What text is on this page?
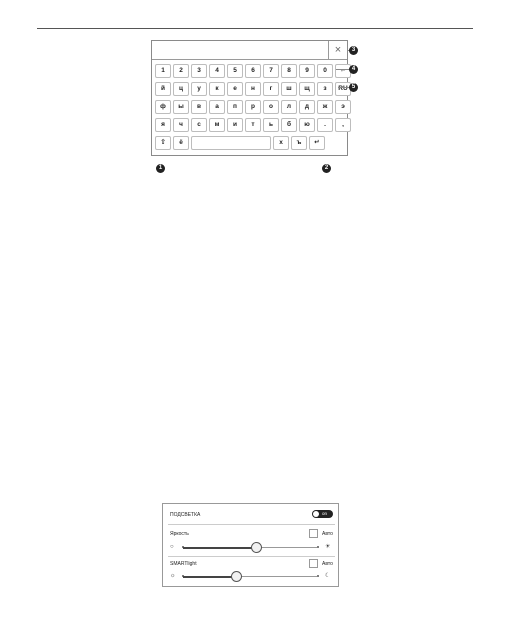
×
1	2	3	4	5	6	7	8	9	0	←
й	ц	у	к	е	н	г	ш	щ	з	RU
ф	ы	в	а	п	р	о	л	д	ж	э
я	ч	с	м	и	т	ь	б	ю	.	,
⇧	ё	х	ъ	↵
3
4
5
1	2
ПОДСВЕТКА	on
Яркость	Авто
○	☀
SMARTlight	Авто
☼	☾
